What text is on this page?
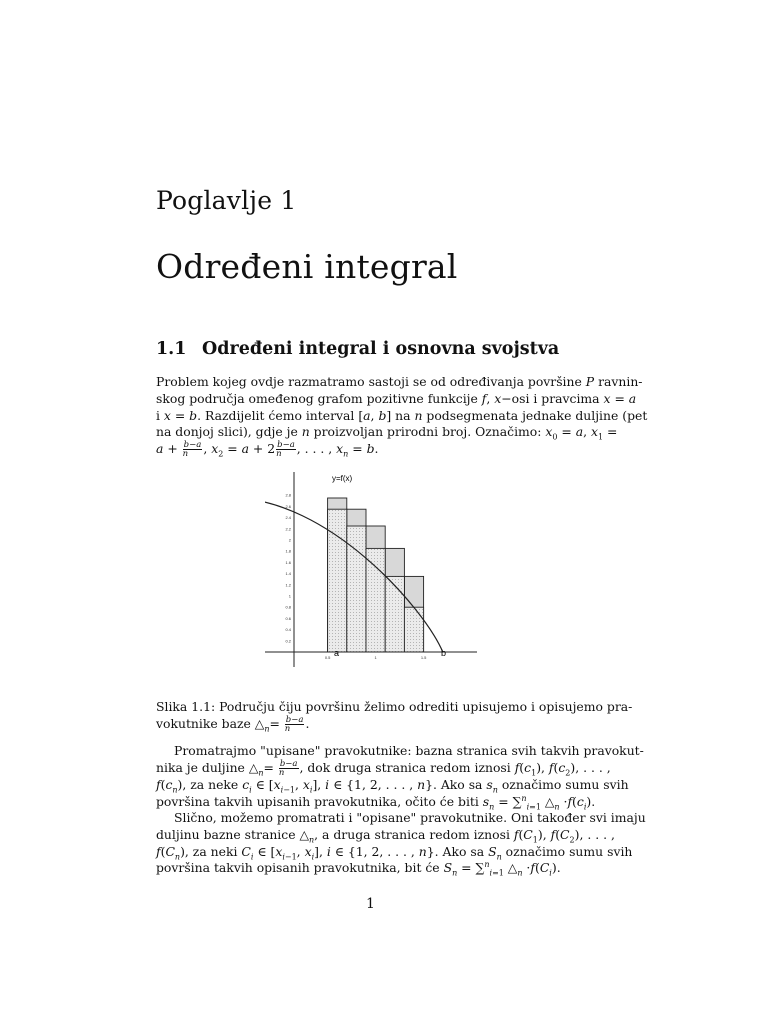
Poglavlje 1
Određeni integral
1.1 Određeni integral i osnovna svojstva
Problem kojeg ovdje razmatramo sastoji se od određivanja površine P ravnin-
skog područja omeđenog grafom pozitivne funkcije f, x−osi i pravcima x = a
i x = b. Razdijelit ćemo interval [a, b] na n podsegmenata jednake duljine (pet
na donjoj slici), gdje je n proizvoljan prirodni broj. Označimo: $x_0 = a$, $x_1$ =
$a + \frac{b-a}{n}$ , $x_2 = a + 2 \frac{b-a}{n}$ , . . . , $x_n = b$.
0.2
0.4
0.6
0.8
1
1.2
1.4
1.6
1.8
2
2.2
2.4
2.6
2.8
0.5	1	1.5
y=f(x)
a	b
Slika 1.1: Području čiju površinu želimo odrediti upisujemo i opisujemo pra-
vokutnike baze $\triangle_n= \frac{b-a}{n}$ .
Promatrajmo "upisane" pravokutnike: bazna stranica svih takvih pravokut-
nika je duljine $\triangle_n= \frac{b-a}{n}$ , dok druga stranica redom iznosi $f(c_1)$, $f(c_2)$, . . . ,
$f(c_n)$, za neke $c_i$ ∈ [$x_{i-1}$, $x_i$], i ∈ {1, 2, . . . , n}. Ako sa $s_n$ označimo sumu svih
površina takvih upisanih pravokutnika, očito će biti $s_n = \sum^n_{i=1}$ $\triangle_n \cdot f(c_i)$.
Slično, možemo promatrati i "opisane" pravokutnike. Oni također svi imaju
duljinu bazne stranice $\triangle_n$, a druga stranica redom iznosi $f(C_1)$, $f(C_2)$, . . . ,
$f(C_n)$, za neki $C_i$ ∈ [$x_{i-1}$, $x_i$], i ∈ {1, 2, . . . , n}. Ako sa $S_n$ označimo sumu svih
površina takvih opisanih pravokutnika, bit će $S_n = \sum^n_{i=1}$ $\triangle_n \cdot f(C_i)$.
1
